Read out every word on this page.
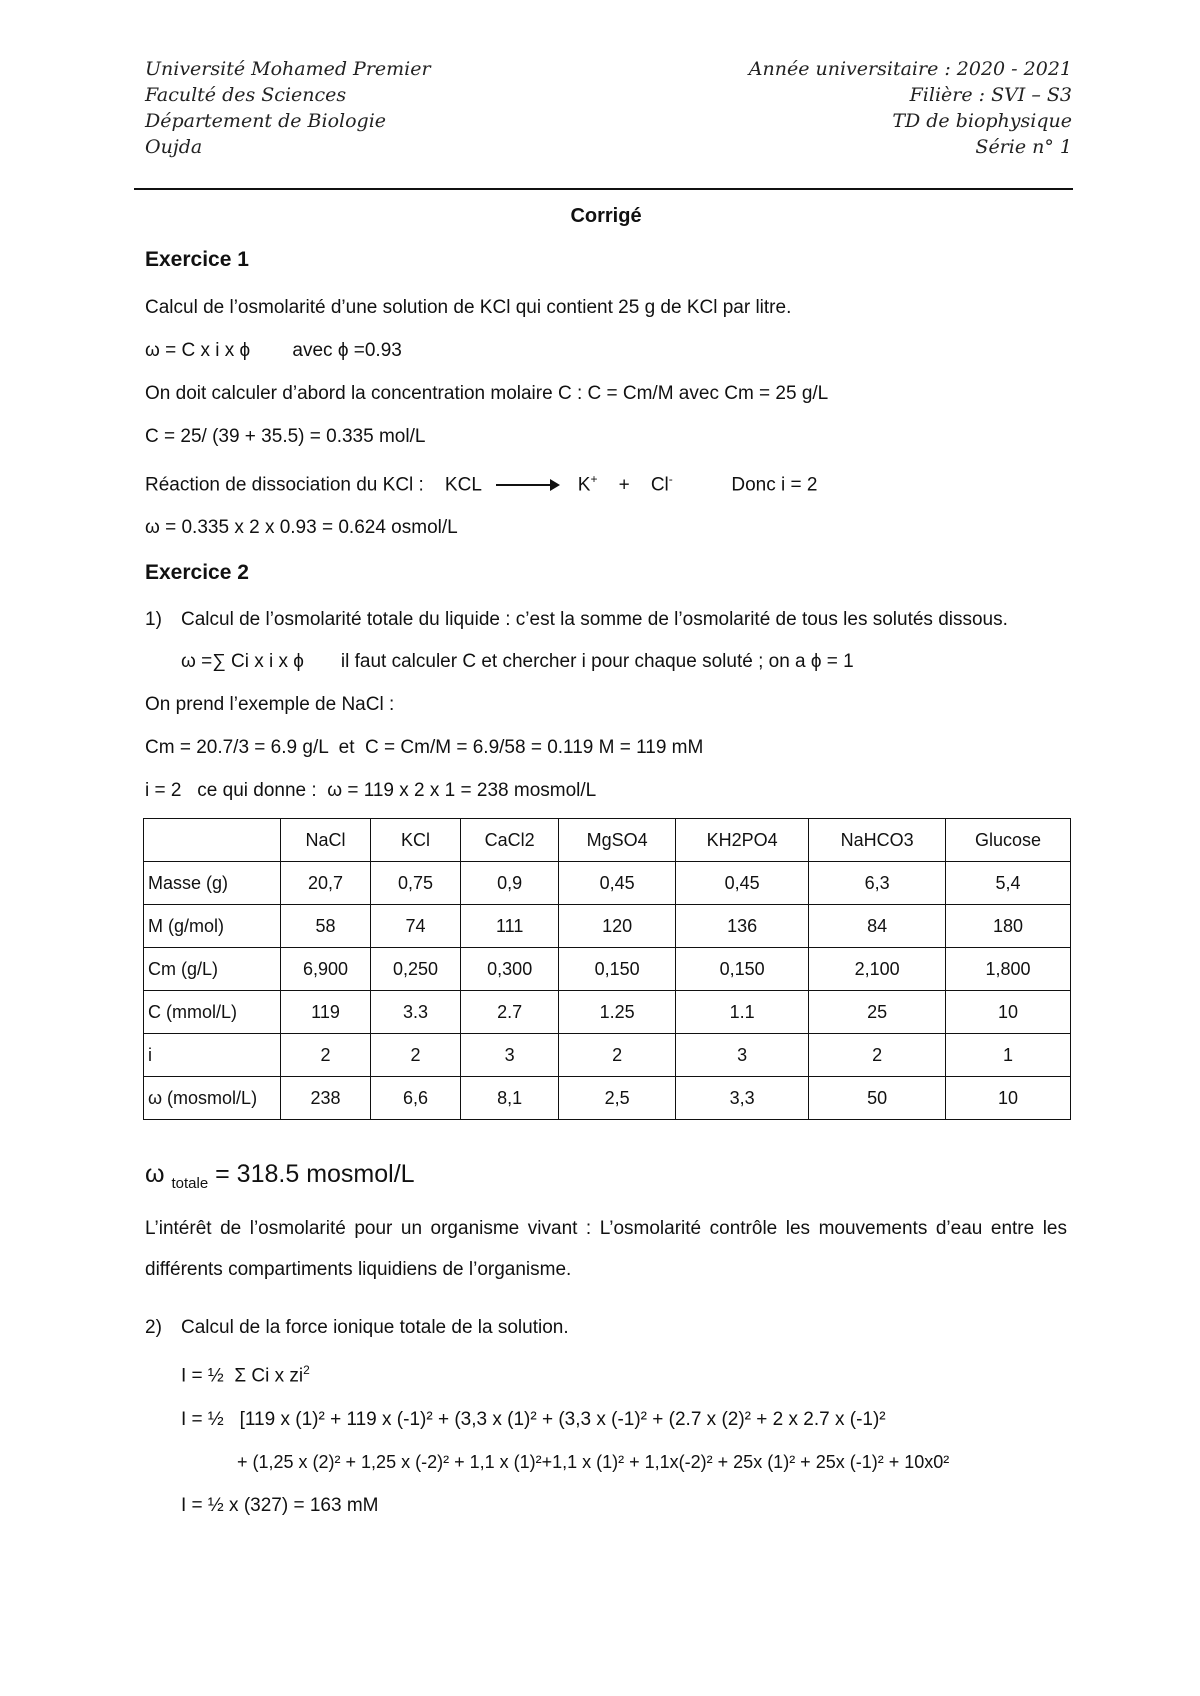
Université Mohamed Premier
Faculté des Sciences
Département de Biologie
Oujda
Année universitaire : 2020 - 2021
Filière : SVI – S3
TD de biophysique
Série n° 1
Corrigé
Exercice 1

Calcul de l’osmolarité d’une solution de KCl qui contient 25 g de KCl par litre.

ω = C x i x ϕ        avec ϕ =0.93

On doit calculer d’abord la concentration molaire C : C = Cm/M avec Cm = 25 g/L

C = 25/ (39 + 35.5) = 0.335 mol/L

Réaction de dissociation du KCl :    KCL → K+ + Cl-	Donc i = 2

ω = 0.335 x 2 x 0.93 = 0.624 osmol/L

Exercice 2
1)	Calcul de l’osmolarité totale du liquide : c’est la somme de l’osmolarité de tous les solutés dissous.

ω =∑ Ci x i x ϕ       il faut calculer C et chercher i pour chaque soluté ; on a ϕ = 1

On prend l’exemple de NaCl :

Cm = 20.7/3 = 6.9 g/L  et  C = Cm/M = 6.9/58 = 0.119 M = 119 mM

i = 2   ce qui donne :  ω = 119 x 2 x 1 = 238 mosmol/L

	NaCl	KCl	CaCl2	MgSO4	KH2PO4	NaHCO3	Glucose
Masse (g)	20,7	0,75	0,9	0,45	0,45	6,3	5,4
M (g/mol)	58	74	111	120	136	84	180
Cm (g/L)	6,900	0,250	0,300	0,150	0,150	2,100	1,800
C (mmol/L)	119	3.3	2.7	1.25	1.1	25	10
i	2	2	3	2	3	2	1
ω (mosmol/L)	238	6,6	8,1	2,5	3,3	50	10

ω $_{totale}$ = 318.5 mosmol/L

L’intérêt de l’osmolarité pour un organisme vivant : L’osmolarité contrôle les mouvements d’eau entre les différents compartiments liquidiens de l’organisme.

2)	Calcul de la force ionique totale de la solution.

I = ½  Σ Ci x $zi^2$

I = ½   [119 x (1)² + 119 x (-1)² + (3,3 x (1)² + (3,3 x (-1)² + (2.7 x (2)² + 2 x 2.7 x (-1)²

+ (1,25 x (2)² + 1,25 x (-2)² + 1,1 x (1)²+1,1 x (1)² + 1,1x(-2)² + 25x (1)² + 25x (-1)² + 10x0²

I = ½ x (327) = 163 mM
